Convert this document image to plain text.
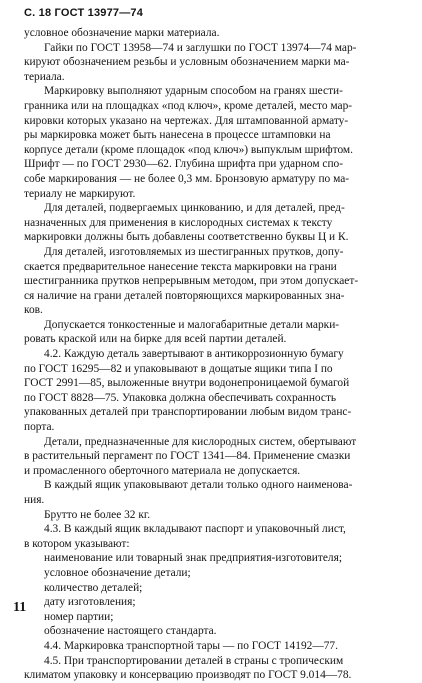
С. 18 ГОСТ 13977—74
условное обозначение марки материала.
Гайки по ГОСТ 13958—74 и заглушки по ГОСТ 13974—74 мар-
кируют обозначением резьбы и условным обозначением марки ма-
териала.
Маркировку выполняют ударным способом на гранях шести-
гранника или на площадках «под ключ», кроме деталей, место мар-
кировки которых указано на чертежах. Для штампованной армату-
ры маркировка может быть нанесена в процессе штамповки на
корпусе детали (кроме площадок «под ключ») выпуклым шрифтом.
Шрифт — по ГОСТ 2930—62. Глубина шрифта при ударном спо-
собе маркирования — не более 0,3 мм. Бронзовую арматуру по ма-
териалу не маркируют.
Для деталей, подвергаемых цинкованию, и для деталей, пред-
назначенных для применения в кислородных системах к тексту
маркировки должны быть добавлены соответственно буквы Ц и К.
Для деталей, изготовляемых из шестигранных прутков, допу-
скается предварительное нанесение текста маркировки на грани
шестигранника прутков непрерывным методом, при этом допускает-
ся наличие на грани деталей повторяющихся маркированных зна-
ков.
Допускается тонкостенные и малогабаритные детали марки-
ровать краской или на бирке для всей партии деталей.
4.2. Каждую деталь завертывают в антикоррозионную бумагу
по ГОСТ 16295—82 и упаковывают в дощатые ящики типа I по
ГОСТ 2991—85, выложенные внутри водонепроницаемой бумагой
по ГОСТ 8828—75. Упаковка должна обеспечивать сохранность
упакованных деталей при транспортировании любым видом транс-
порта.
Детали, предназначенные для кислородных систем, обертывают
в растительный пергамент по ГОСТ 1341—84. Применение смазки
и промасленного оберточного материала не допускается.
В каждый ящик упаковывают детали только одного наименова-
ния.
Брутто не более 32 кг.
4.3. В каждый ящик вкладывают паспорт и упаковочный лист,
в котором указывают:
наименование или товарный знак предприятия-изготовителя;
условное обозначение детали;
количество деталей;
дату изготовления;
номер партии;
обозначение настоящего стандарта.
4.4. Маркировка транспортной тары — по ГОСТ 14192—77.
4.5. При транспортировании деталей в страны с тропическим
климатом упаковку и консервацию производят по ГОСТ 9.014—78.
11
